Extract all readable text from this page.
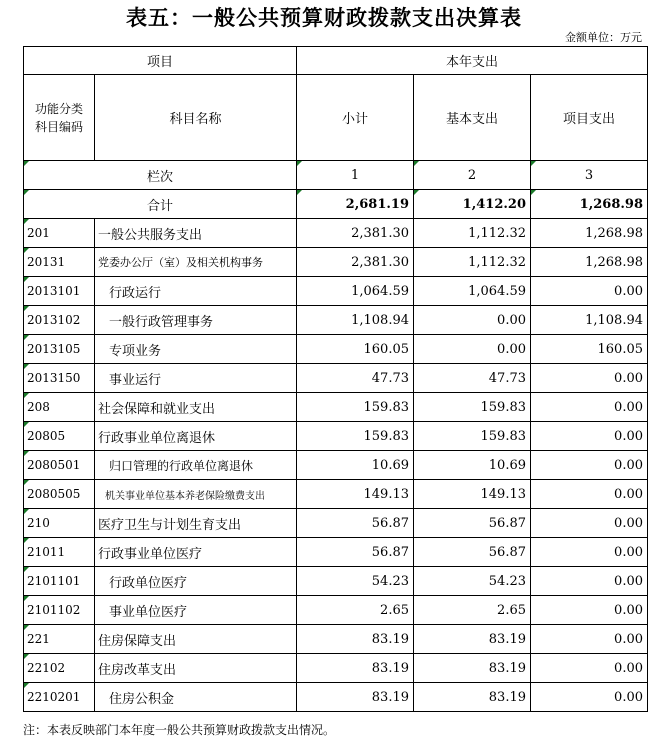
表五：一般公共预算财政拨款支出决算表
金额单位：万元
项目		本年支出		

功能分类
科目编码	科目名称	小计	基本支出	项目支出
栏次		1	2	3
合计		2,681.19	1,412.20	1,268.98
201	一般公共服务支出	2,381.30	1,112.32	1,268.98
20131	党委办公厅（室）及相关机构事务	2,381.30	1,112.32	1,268.98
2013101	行政运行	1,064.59	1,064.59	0.00
2013102	一般行政管理事务	1,108.94	0.00	1,108.94
2013105	专项业务	160.05	0.00	160.05
2013150	事业运行	47.73	47.73	0.00
208	社会保障和就业支出	159.83	159.83	0.00
20805	行政事业单位离退休	159.83	159.83	0.00
2080501	归口管理的行政单位离退休	10.69	10.69	0.00
2080505	机关事业单位基本养老保险缴费支出	149.13	149.13	0.00
210	医疗卫生与计划生育支出	56.87	56.87	0.00
21011	行政事业单位医疗	56.87	56.87	0.00
2101101	行政单位医疗	54.23	54.23	0.00
2101102	事业单位医疗	2.65	2.65	0.00
221	住房保障支出	83.19	83.19	0.00
22102	住房改革支出	83.19	83.19	0.00
2210201	住房公积金	83.19	83.19	0.00
注：本表反映部门本年度一般公共预算财政拨款支出情况。
